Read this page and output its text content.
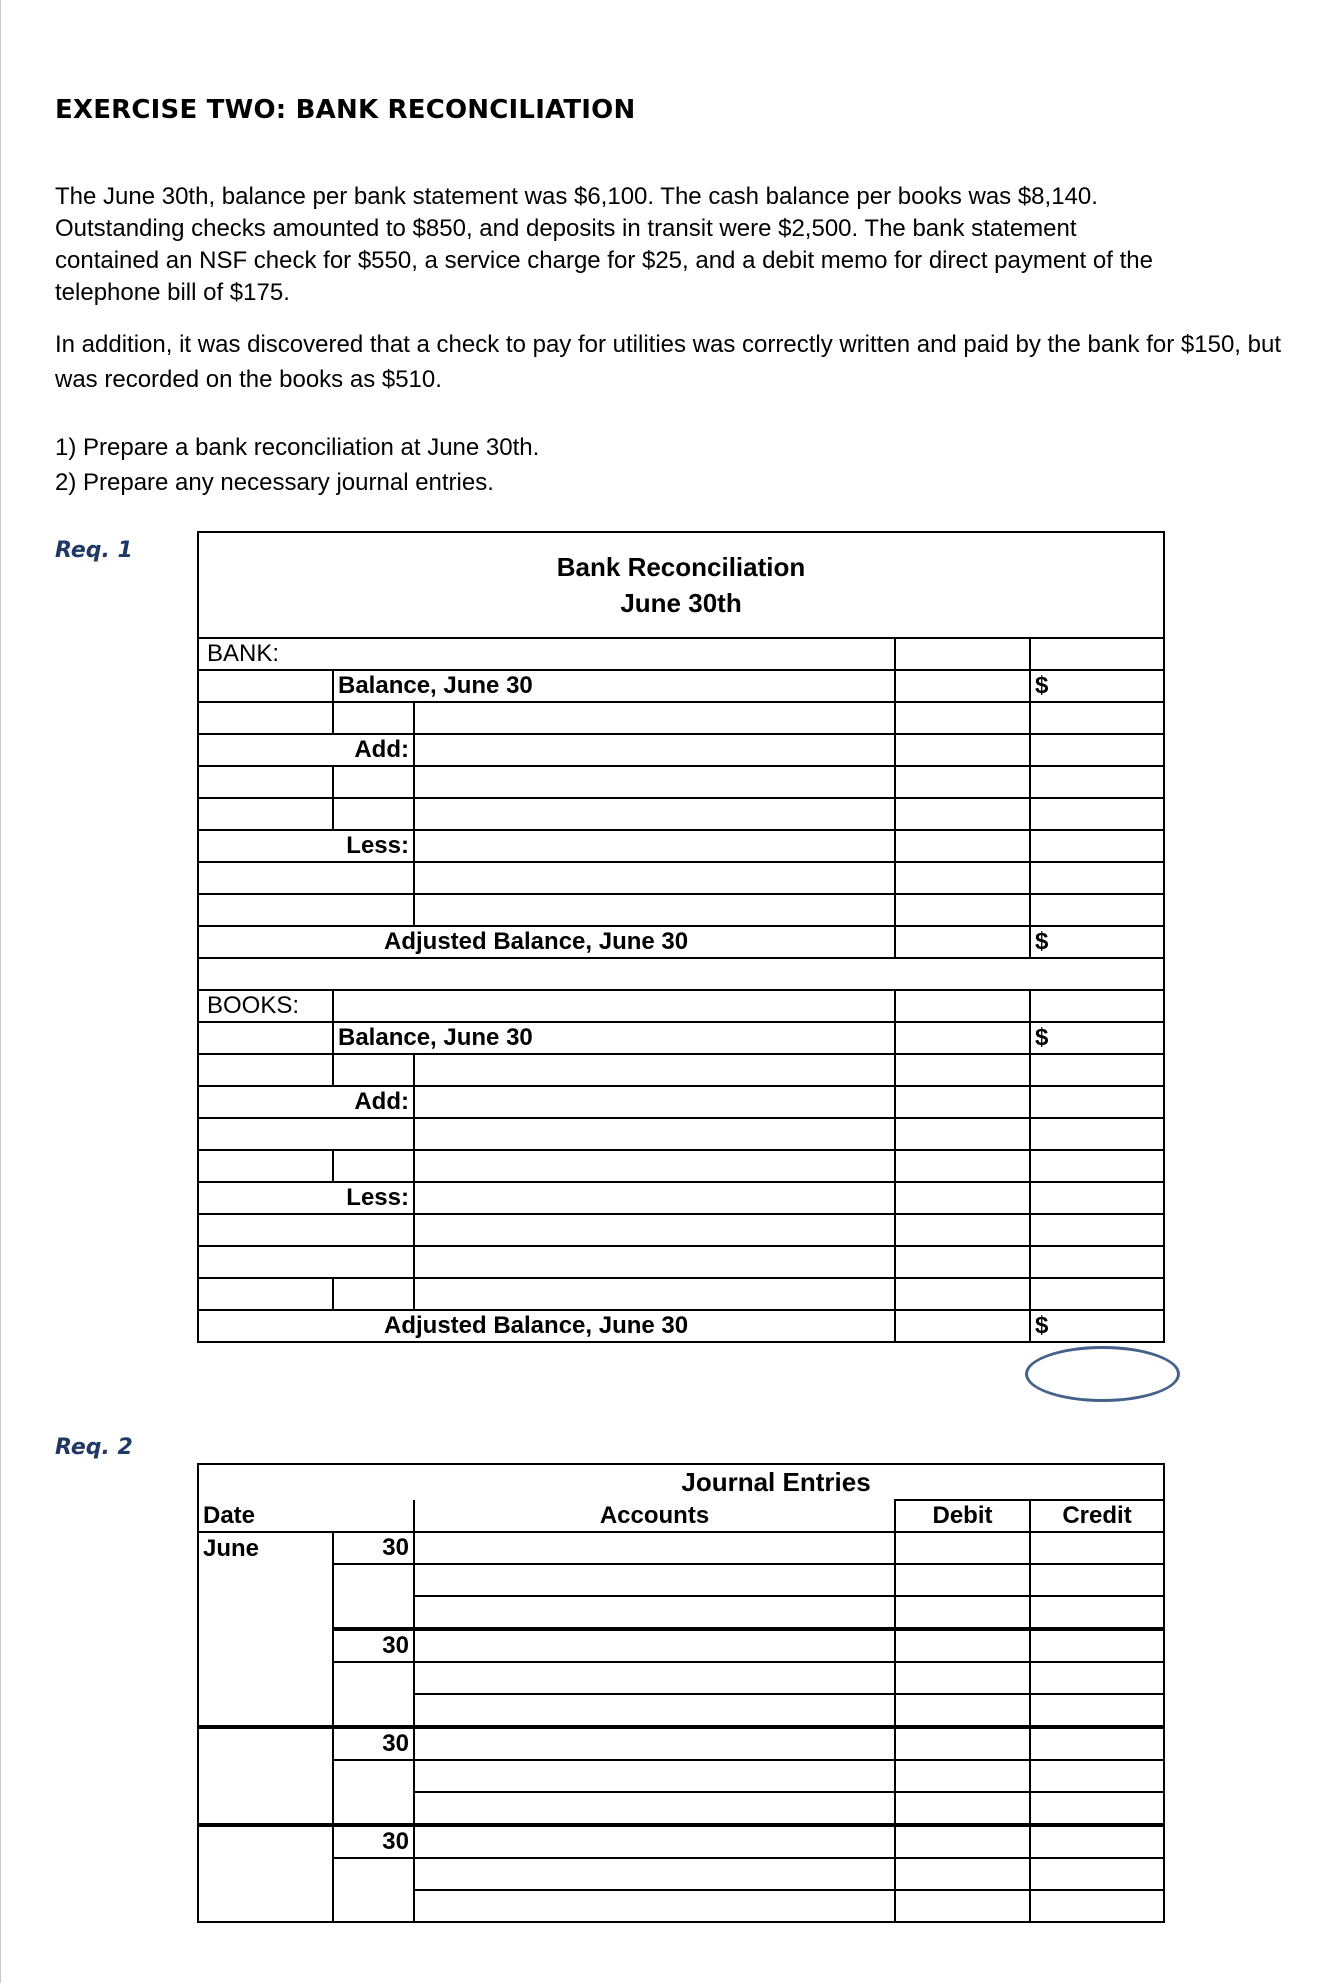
EXERCISE TWO: BANK RECONCILIATION

The June 30th, balance per bank statement was $6,100. The cash balance per books was $8,140. Outstanding checks amounted to $850, and deposits in transit were $2,500. The bank statement contained an NSF check for $550, a service charge for $25, and a debit memo for direct payment of the telephone bill of $175.

In addition, it was discovered that a check to pay for utilities was correctly written and paid by the bank for $150, but was recorded on the books as $510.

1) Prepare a bank reconciliation at June 30th.
2) Prepare any necessary journal entries.
Req. 1
Req. 2
Bank Reconciliation
June 30th				

BANK:				
	Balance, June 30			$

Add:				

Less:				

Adjusted Balance, June 30				$

BOOKS:				
	Balance, June 30			$

Add:				

Less:				

Adjusted Balance, June 30				$
Journal Entries				
Date		Accounts	Debit	Credit
June	30			

	30			

	30			

	30			
